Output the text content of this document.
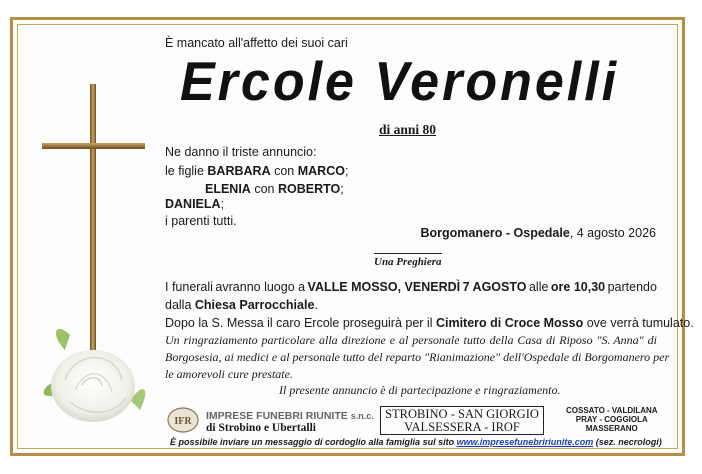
È mancato all'affetto dei suoi cari
Ercole Veronelli
di anni 80
Ne danno il triste annuncio:
le figlie BARBARA con MARCO;
ELENIA con ROBERTO;
DANIELA;
i parenti tutti.
Borgomanero - Ospedale, 4 agosto 2026
Una Preghiera
I funerali avranno luogo a VALLE MOSSO, VENERDÌ 7 AGOSTO alle ore 10,30 partendo
dalla Chiesa Parrocchiale.
Dopo la S. Messa il caro Ercole proseguirà per il Cimitero di Croce Mosso ove verrà tumulato.
Un ringraziamento particolare alla direzione e al personale tutto della Casa di Riposo "S. Anna" di
Borgosesia, ai medici e al personale tutto del reparto "Rianimazione" dell'Ospedale di Borgomanero per
le amorevoli cure prestate.
Il presente annuncio è di partecipazione e ringraziamento.
IFR IMPRESE FUNEBRI RIUNITE s.n.c.
di Strobino e Ubertalli
STROBINO - SAN GIORGIO
VALSESSERA - IROF
COSSATO - VALDILANA
PRAY - COGGIOLA
MASSERANO
È possibile inviare un messaggio di cordoglio alla famiglia sul sito www.impresefunebririunite.com (sez. necrologi)
